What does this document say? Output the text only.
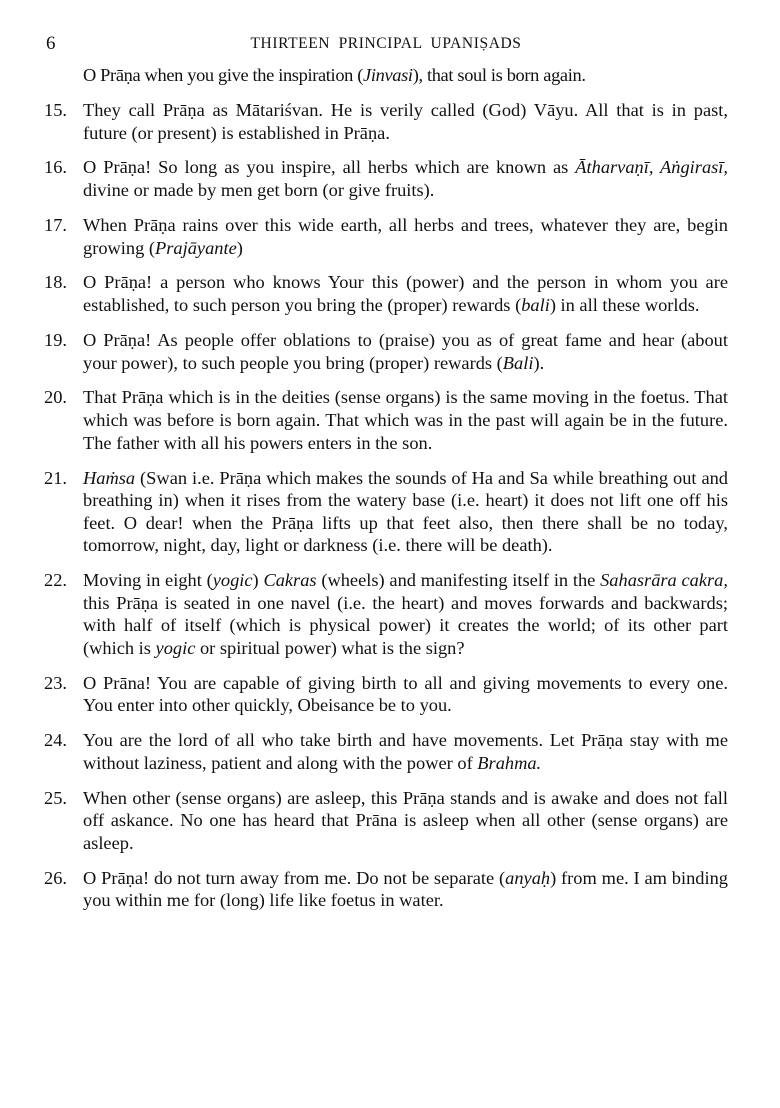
6	THIRTEEN PRINCIPAL UPANIṢADS
O Prāṇa when you give the inspiration (Jinvasi), that soul is born again.
15. They call Prāṇa as Mātariśvan. He is verily called (God) Vāyu. All that is in past, future (or present) is established in Prāṇa.
16. O Prāṇa! So long as you inspire, all herbs which are known as Ātharvaṇī, Aṅgirasī, divine or made by men get born (or give fruits).
17. When Prāṇa rains over this wide earth, all herbs and trees, whatever they are, begin growing (Prajāyante)
18. O Prāṇa! a person who knows Your this (power) and the person in whom you are established, to such person you bring the (proper) rewards (bali) in all these worlds.
19. O Prāṇa! As people offer oblations to (praise) you as of great fame and hear (about your power), to such people you bring (proper) rewards (Bali).
20. That Prāṇa which is in the deities (sense organs) is the same moving in the foetus. That which was before is born again. That which was in the past will again be in the future. The father with all his powers enters in the son.
21. Haṁsa (Swan i.e. Prāṇa which makes the sounds of Ha and Sa while breathing out and breathing in) when it rises from the watery base (i.e. heart) it does not lift one off his feet. O dear! when the Prāṇa lifts up that feet also, then there shall be no today, tomorrow, night, day, light or darkness (i.e. there will be death).
22. Moving in eight (yogic) Cakras (wheels) and manifesting itself in the Sahasrāra cakra, this Prāṇa is seated in one navel (i.e. the heart) and moves forwards and backwards; with half of itself (which is physical power) it creates the world; of its other part (which is yogic or spiritual power) what is the sign?
23. O Prāna! You are capable of giving birth to all and giving movements to every one. You enter into other quickly, Obeisance be to you.
24. You are the lord of all who take birth and have movements. Let Prāṇa stay with me without laziness, patient and along with the power of Brahma.
25. When other (sense organs) are asleep, this Prāṇa stands and is awake and does not fall off askance. No one has heard that Prāna is asleep when all other (sense organs) are asleep.
26. O Prāṇa! do not turn away from me. Do not be separate (anyaḥ) from me. I am binding you within me for (long) life like foetus in water.
